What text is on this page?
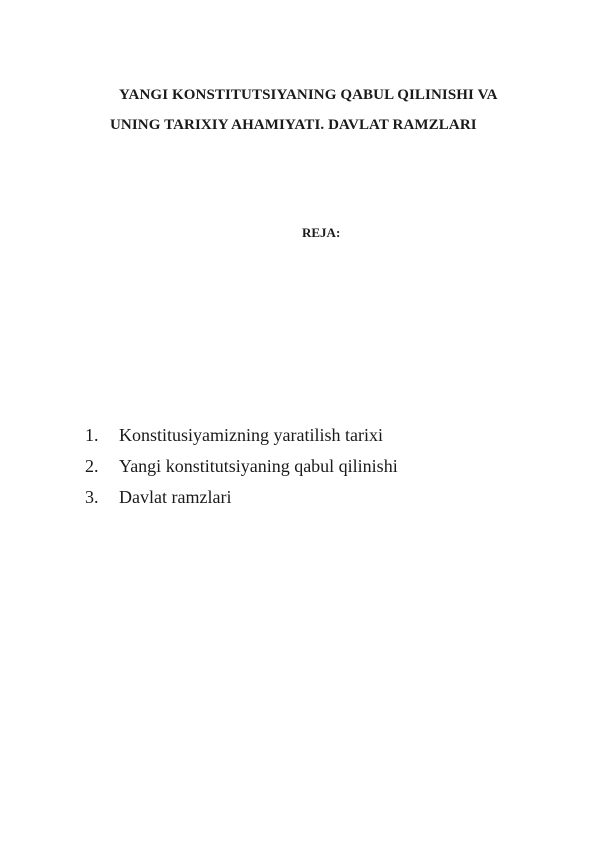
YANGI KONSTITUTSIYANING QABUL QILINISHI VA
UNING TARIXIY AHAMIYATI. DAVLAT RAMZLARI
REJA:
1.	Konstitusiyamizning yaratilish tarixi
2.	Yangi konstitutsiyaning qabul qilinishi
3.	Davlat ramzlari
